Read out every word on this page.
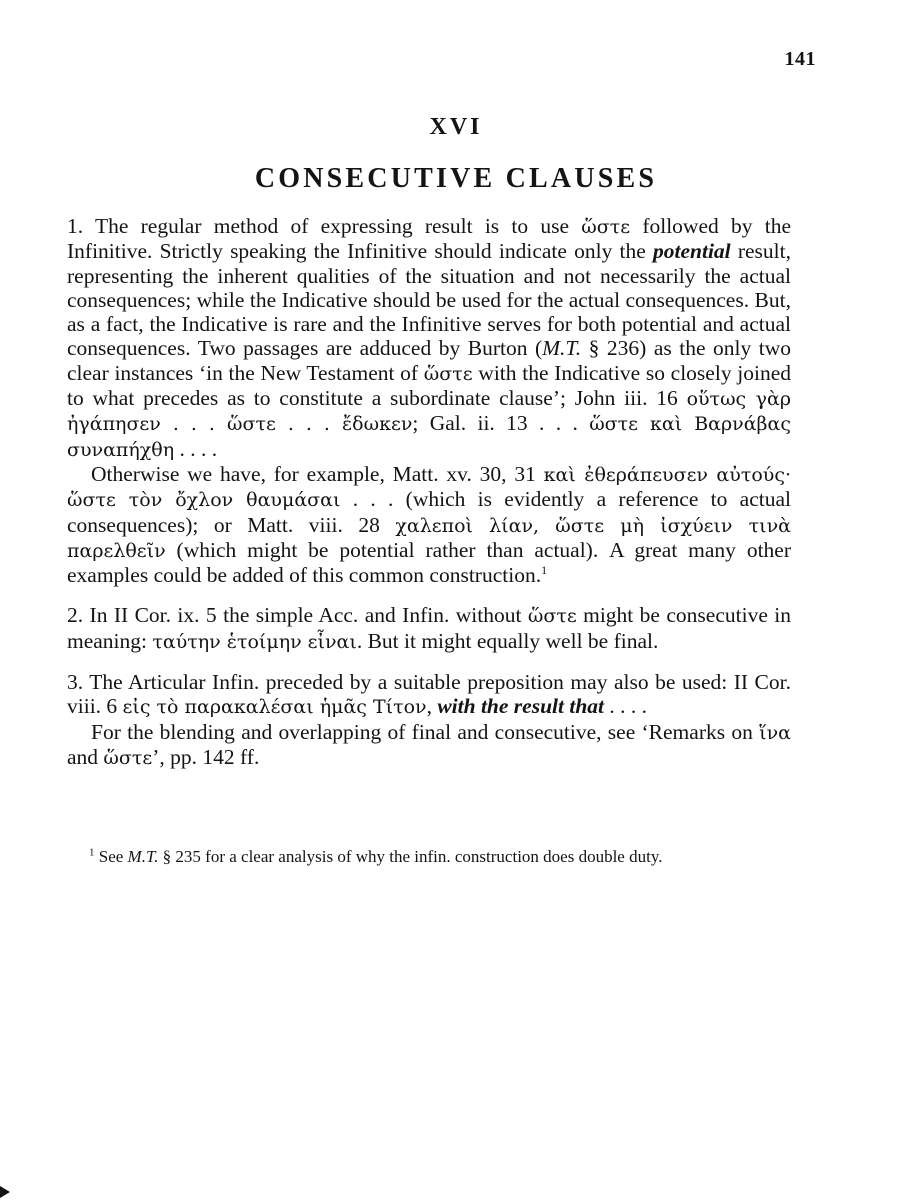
141
XVI
CONSECUTIVE CLAUSES

1. The regular method of expressing result is to use ὥστε followed by the Infinitive. Strictly speaking the Infinitive should indicate only the potential result, representing the inherent qualities of the situation and not necessarily the actual consequences; while the Indicative should be used for the actual consequences. But, as a fact, the Indicative is rare and the Infinitive serves for both potential and actual consequences. Two passages are adduced by Burton (M.T. § 236) as the only two clear instances ‘in the New Testament of ὥστε with the Indicative so closely joined to what precedes as to constitute a subordinate clause’; John iii. 16 οὕτως γὰρ ἠγάπησεν . . . ὥστε . . . ἔδωκεν; Gal. ii. 13 . . . ὥστε καὶ Βαρνάβας συναπήχθη . . . .

Otherwise we have, for example, Matt. xv. 30, 31 καὶ ἐθεράπευσεν αὐτούς· ὥστε τὸν ὄχλον θαυμάσαι . . . (which is evidently a reference to actual consequences); or Matt. viii. 28 χαλεποὶ λίαν, ὥστε μὴ ἰσχύειν τινὰ παρελθεῖν (which might be potential rather than actual). A great many other examples could be added of this common construction.$^1$

2. In II Cor. ix. 5 the simple Acc. and Infin. without ὥστε might be consecutive in meaning: ταύτην ἑτοίμην εἶναι. But it might equally well be final.

3. The Articular Infin. preceded by a suitable preposition may also be used: II Cor. viii. 6 εἰς τὸ παρακαλέσαι ἡμᾶς Τίτον, with the result that . . . .

For the blending and overlapping of final and consecutive, see ‘Remarks on ἵνα and ὥστε’, pp. 142 ff.

$^1$ See M.T. § 235 for a clear analysis of why the infin. construction does double duty.
